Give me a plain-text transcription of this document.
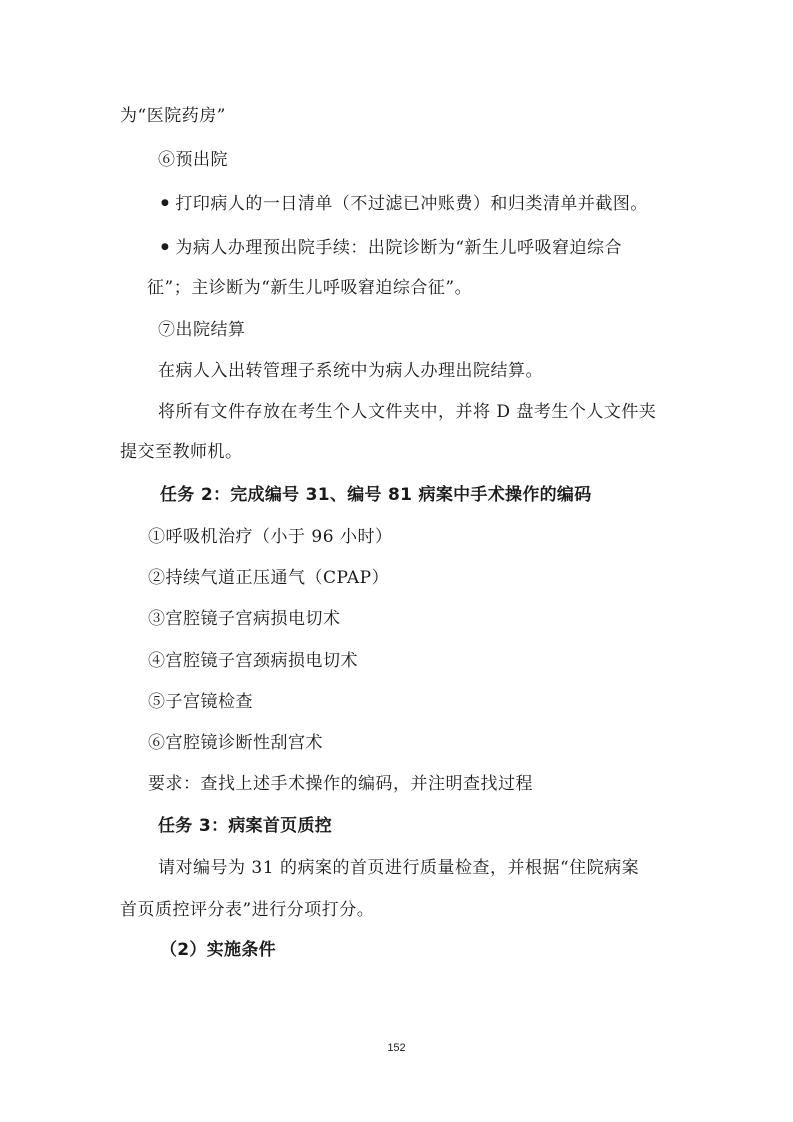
为“医院药房”
⑥预出院
● 打印病人的一日清单（不过滤已冲账费）和归类清单并截图。
● 为病人办理预出院手续：出院诊断为“新生儿呼吸窘迫综合
征”；主诊断为“新生儿呼吸窘迫综合征”。
⑦出院结算
在病人入出转管理子系统中为病人办理出院结算。
将所有文件存放在考生个人文件夹中，并将 D 盘考生个人文件夹
提交至教师机。
任务 2：完成编号 31、编号 81 病案中手术操作的编码
①呼吸机治疗（小于 96 小时）
②持续气道正压通气（CPAP）
③宫腔镜子宫病损电切术
④宫腔镜子宫颈病损电切术
⑤子宫镜检查
⑥宫腔镜诊断性刮宫术
要求：查找上述手术操作的编码，并注明查找过程
任务 3：病案首页质控
请对编号为 31 的病案的首页进行质量检查，并根据“住院病案
首页质控评分表”进行分项打分。
（2）实施条件
152
